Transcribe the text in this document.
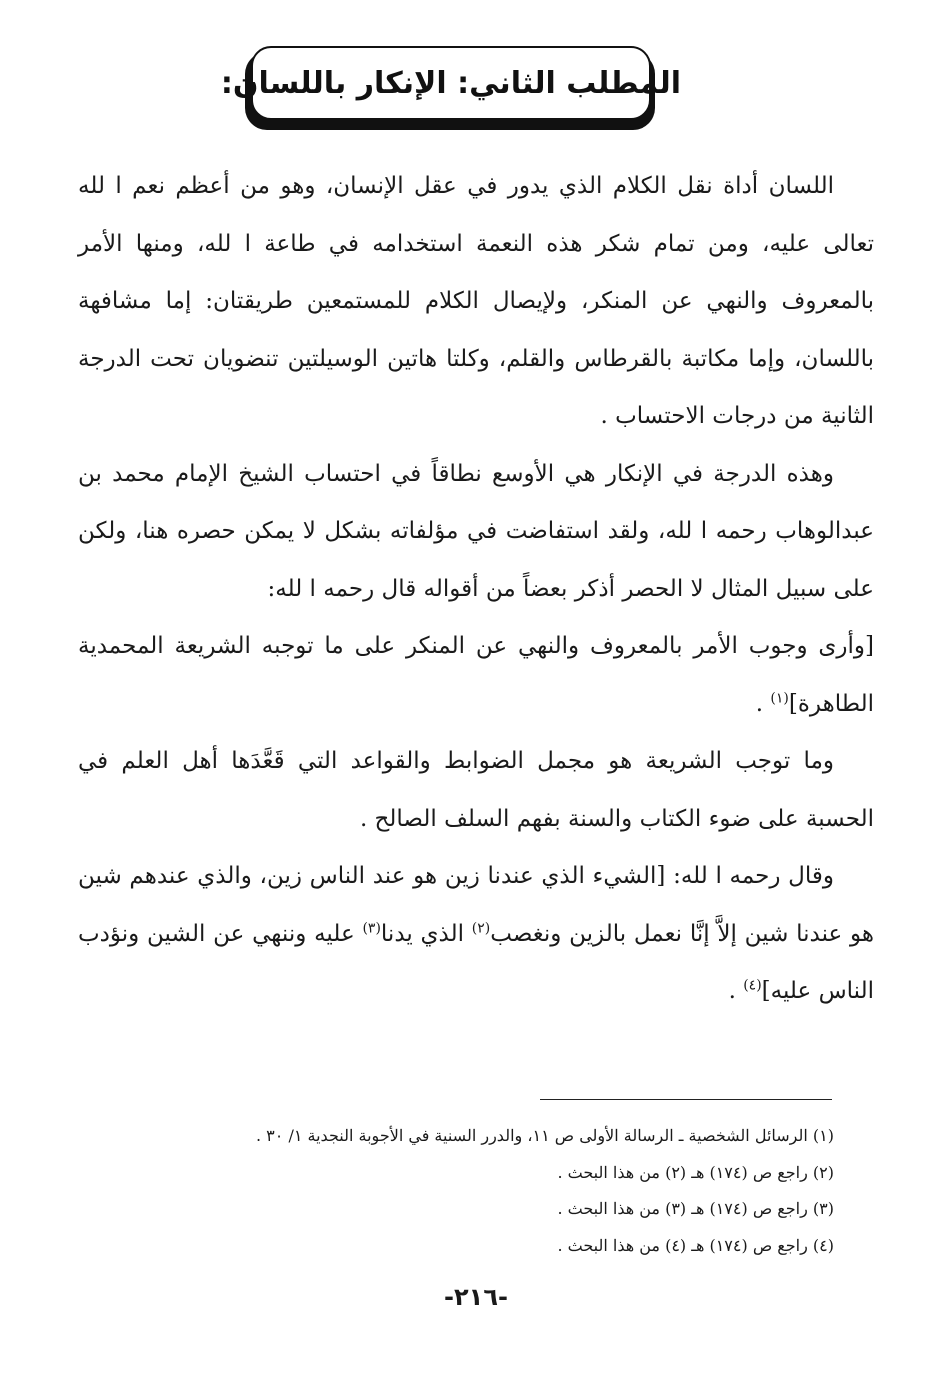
المطلب الثاني: الإنكار باللسان:

اللسان أداة نقل الكلام الذي يدور في عقل الإنسان، وهو من أعظم نعم ا لله تعالى عليه، ومن تمام شكر هذه النعمة استخدامه في طاعة ا لله، ومنها الأمر بالمعروف والنهي عن المنكر، ولإيصال الكلام للمستمعين طريقتان: إما مشافهة باللسان، وإما مكاتبة بالقرطاس والقلم، وكلتا هاتين الوسيلتين تنضويان تحت الدرجة الثانية من درجات الاحتساب .

وهذه الدرجة في الإنكار هي الأوسع نطاقاً في احتساب الشيخ الإمام محمد بن عبدالوهاب رحمه ا لله، ولقد استفاضت في مؤلفاته بشكل لا يمكن حصره هنا، ولكن على سبيل المثال لا الحصر أذكر بعضاً من أقواله قال رحمه ا لله:

[وأرى وجوب الأمر بالمعروف والنهي عن المنكر على ما توجبه الشريعة المحمدية الطاهرة]$^{(١)}$ .

وما توجب الشريعة هو مجمل الضوابط والقواعد التي قَعَّدَها أهل العلم في الحسبة على ضوء الكتاب والسنة بفهم السلف الصالح .

وقال رحمه ا لله: [الشيء الذي عندنا زين هو عند الناس زين، والذي عندهم شين هو عندنا شين إلاَّ إنَّا نعمل بالزين ونغصب$^{(٢)}$ الذي يدنا$^{(٣)}$ عليه وننهي عن الشين ونؤدب الناس عليه]$^{(٤)}$ .

(١) الرسائل الشخصية ـ الرسالة الأولى ص ١١، والدرر السنية في الأجوبة النجدية ١/ ٣٠ .

(٢) راجع ص (١٧٤) هـ (٢) من هذا البحث .

(٣) راجع ص (١٧٤) هـ (٣) من هذا البحث .

(٤) راجع ص (١٧٤) هـ (٤) من هذا البحث .

-٢١٦-
